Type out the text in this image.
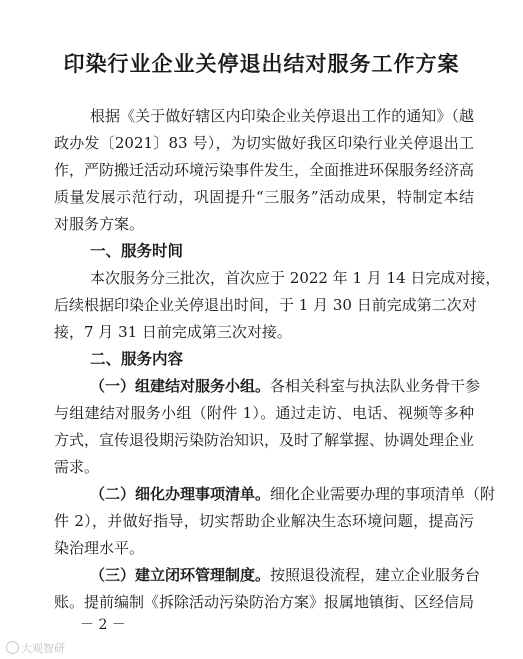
印染行业企业关停退出结对服务工作方案
根据《关于做好辖区内印染企业关停退出工作的通知》（越
政办发〔2021〕83 号），为切实做好我区印染行业关停退出工
作，严防搬迁活动环境污染事件发生，全面推进环保服务经济高
质量发展示范行动，巩固提升“三服务”活动成果，特制定本结
对服务方案。
一、服务时间
本次服务分三批次，首次应于 2022 年 1 月 14 日完成对接，
后续根据印染企业关停退出时间，于 1 月 30 日前完成第二次对
接，7 月 31 日前完成第三次对接。
二、服务内容
（一）组建结对服务小组。各相关科室与执法队业务骨干参
与组建结对服务小组（附件 1）。通过走访、电话、视频等多种
方式，宣传退役期污染防治知识，及时了解掌握、协调处理企业
需求。
（二）细化办理事项清单。细化企业需要办理的事项清单（附
件 2），并做好指导，切实帮助企业解决生态环境问题，提高污
染治理水平。
（三）建立闭环管理制度。按照退役流程，建立企业服务台
账。提前编制《拆除活动污染防治方案》报属地镇街、区经信局
－ 2 －
大观智研
